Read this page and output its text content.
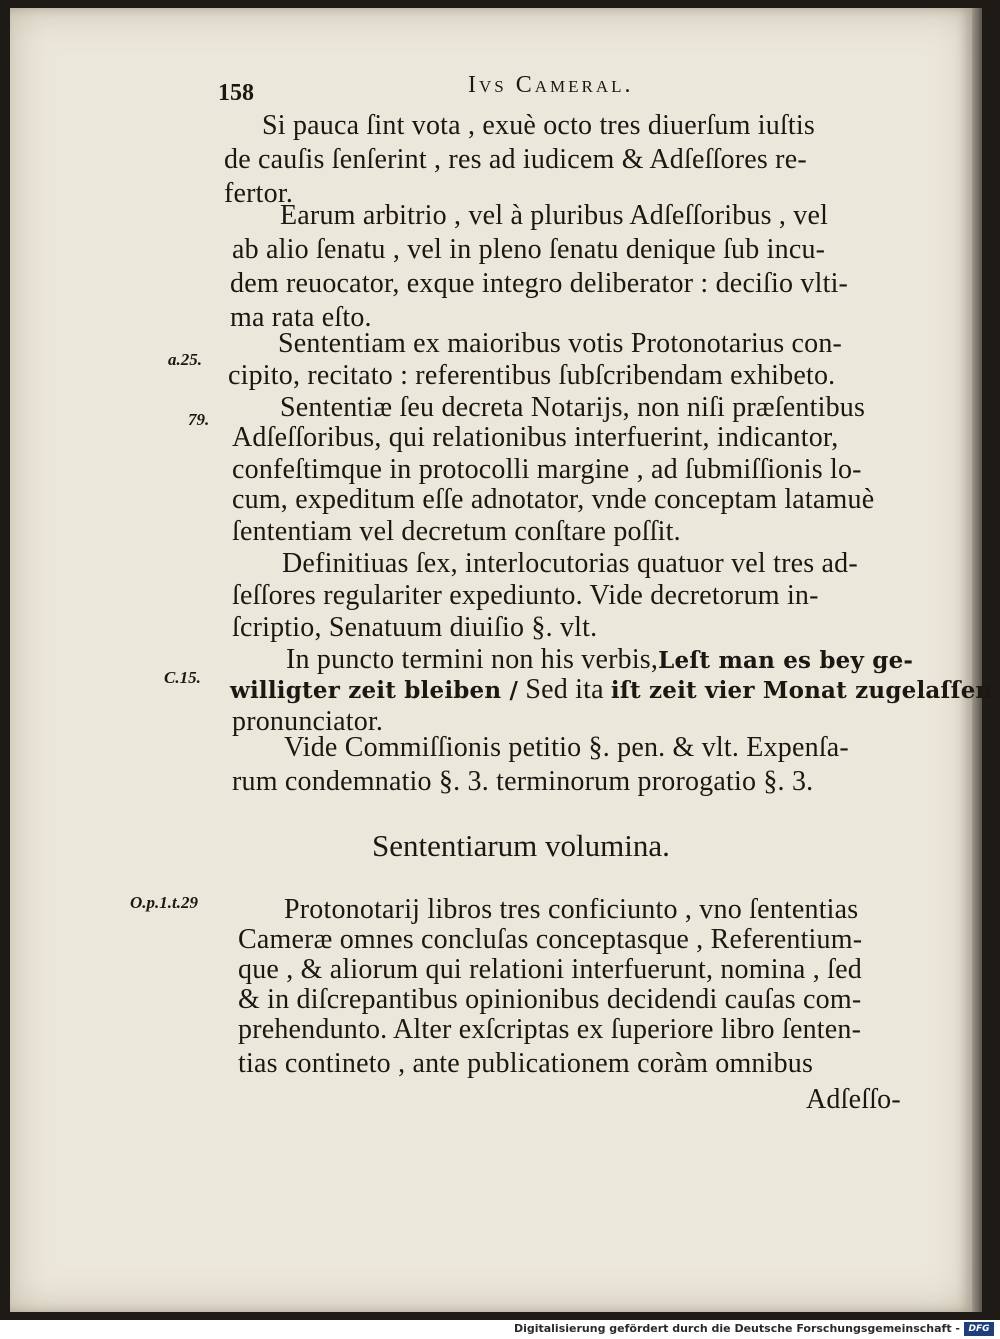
158	Ivs Cameral.
a.25.
79.
C.15.
O.p.1.t.29
Si pauca ſint vota , exuè octo tres diuerſum iuſtis
de cauſis ſenſerint , res ad iudicem & Adſeſſores re-
fertor.
Earum arbitrio , vel à pluribus Adſeſſoribus , vel
ab alio ſenatu , vel in pleno ſenatu denique ſub incu-
dem reuocator, exque integro deliberator : deciſio vlti-
ma rata eſto.
Sententiam ex maioribus votis Protonotarius con-
cipito, recitato : referentibus ſubſcribendam exhibeto.
Sententiæ ſeu decreta Notarijs, non niſi præſentibus
Adſeſſoribus, qui relationibus interfuerint, indicantor,
confeſtimque in protocolli margine , ad ſubmiſſionis lo-
cum, expeditum eſſe adnotator, vnde conceptam latamuè
ſententiam vel decretum conſtare poſſit.
Definitiuas ſex, interlocutorias quatuor vel tres ad-
ſeſſores regulariter expediunto. Vide decretorum in-
ſcriptio, Senatuum diuiſio §. vlt.
In puncto termini non his verbis,Leſt man es bey ge-
willigter zeit bleiben / Sed ita iſt zeit vier Monat zugelaſſen
pronunciator.
Vide Commiſſionis petitio §. pen. & vlt. Expenſa-
rum condemnatio §. 3. terminorum prorogatio §. 3.
Sententiarum volumina.
Protonotarij libros tres conficiunto , vno ſententias
Cameræ omnes concluſas conceptasque , Referentium-
que , & aliorum qui relationi interfuerunt, nomina , ſed
& in diſcrepantibus opinionibus decidendi cauſas com-
prehendunto. Alter exſcriptas ex ſuperiore libro ſenten-
tias contineto , ante publicationem coràm omnibus
Adſeſſo-
Digitalisierung gefördert durch die Deutsche Forschungsgemeinschaft - DFG
